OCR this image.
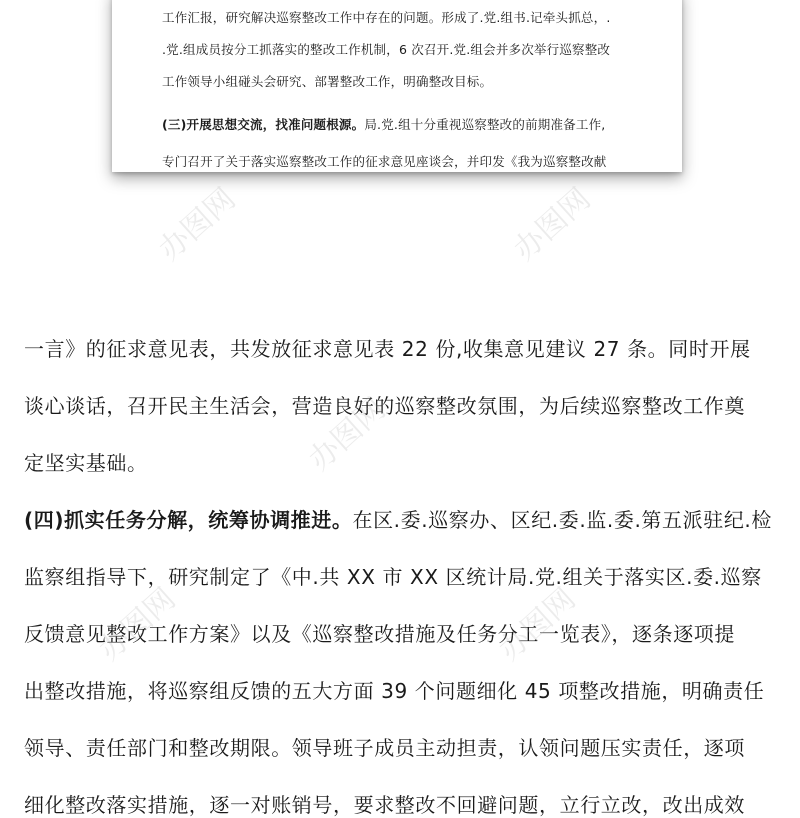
工作汇报，研究解决巡察整改工作中存在的问题。形成了.党.组书.记牵头抓总，.
.党.组成员按分工抓落实的整改工作机制，6 次召开.党.组会并多次举行巡察整改
工作领导小组碰头会研究、部署整改工作，明确整改目标。
(三)开展思想交流，找准问题根源。局.党.组十分重视巡察整改的前期准备工作,
专门召开了关于落实巡察整改工作的征求意见座谈会，并印发《我为巡察整改献
一言》的征求意见表，共发放征求意见表 22 份,收集意见建议 27 条。同时开展
谈心谈话，召开民主生活会，营造良好的巡察整改氛围，为后续巡察整改工作奠
定坚实基础。
(四)抓实任务分解，统筹协调推进。在区.委.巡察办、区纪.委.监.委.第五派驻纪.检
监察组指导下，研究制定了《中.共 XX 市 XX 区统计局.党.组关于落实区.委.巡察
反馈意见整改工作方案》以及《巡察整改措施及任务分工一览表》，逐条逐项提
出整改措施，将巡察组反馈的五大方面 39 个问题细化 45 项整改措施，明确责任
领导、责任部门和整改期限。领导班子成员主动担责，认领问题压实责任，逐项
细化整改落实措施，逐一对账销号，要求整改不回避问题，立行立改，改出成效
办图网	办图网
办图网
办图网	办图网
